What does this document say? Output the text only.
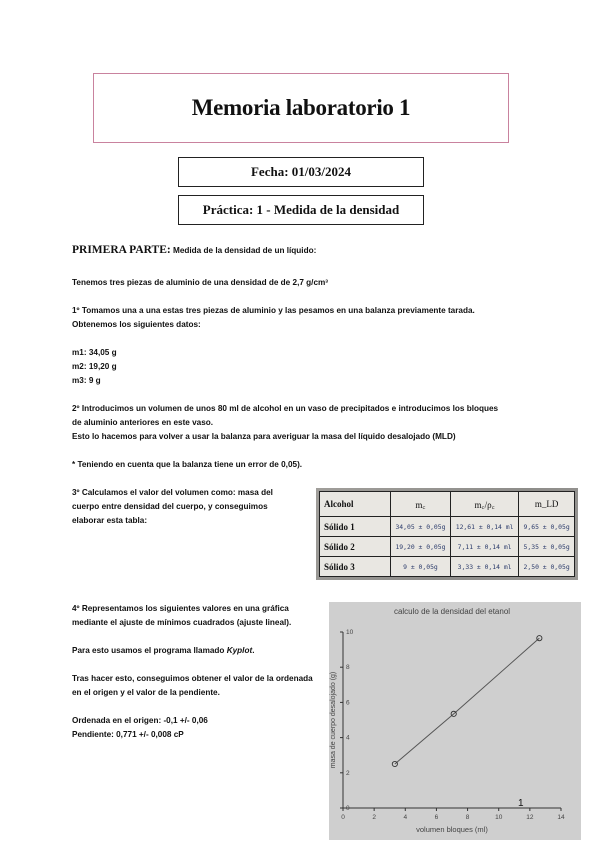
Memoria laboratorio 1
Fecha: 01/03/2024
Práctica: 1 - Medida de la densidad
PRIMERA PARTE: Medida de la densidad de un líquido:
Tenemos tres piezas de aluminio de una densidad de de 2,7 g/cm³
1º Tomamos una a una estas tres piezas de aluminio y las pesamos en una balanza previamente tarada.
Obtenemos los siguientes datos:
m1: 34,05 g
m2: 19,20 g
m3: 9 g
2º Introducimos un volumen de unos 80 ml de alcohol en un vaso de precipitados e introducimos los bloques
de aluminio anteriores en este vaso.
Esto lo hacemos para volver a usar la balanza para averiguar la masa del líquido desalojado (MLD)
* Teniendo en cuenta que la balanza tiene un error de 0,05).
3º Calculamos el valor del volumen como: masa del
cuerpo entre densidad del cuerpo, y conseguimos
elaborar esta tabla:
Alcohol	m꜀	m꜀/ρ꜀	m_LD
Sólido 1	34,05 ± 0,05g	12,61 ± 0,14 ml	9,65 ± 0,05g
Sólido 2	19,20 ± 0,05g	7,11 ± 0,14 ml	5,35 ± 0,05g
Sólido 3	9 ± 0,05g	3,33 ± 0,14 ml	2,50 ± 0,05g
4º Representamos los siguientes valores en una gráfica
mediante el ajuste de mínimos cuadrados (ajuste lineal).
Para esto usamos el programa llamado Kyplot.
Tras hacer esto, conseguimos obtener el valor de la ordenada
en el origen y el valor de la pendiente.
Ordenada en el origen: -0,1 +/- 0,06
Pendiente: 0,771 +/- 0,008 cP
calculo de la densidad del etanol
0	2	4	6	8	10	12	14
0
2
4
6
8
10
volumen bloques (ml)
masa de cuerpo desalojado (g)
1
